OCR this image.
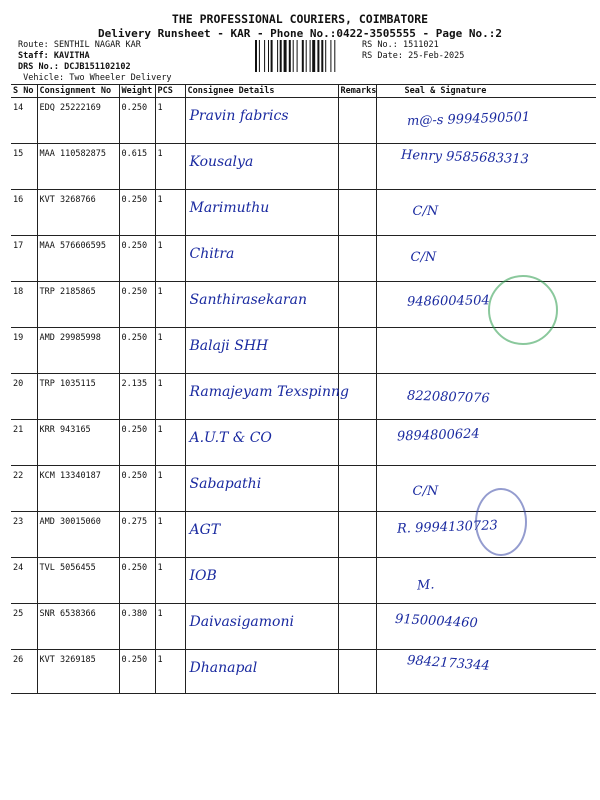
THE PROFESSIONAL COURIERS, COIMBATORE
Delivery Runsheet - KAR - Phone No.:0422-3505555 - Page No.:2
Route: SENTHIL NAGAR KAR
Staff: KAVITHA
DRS No.: DCJB151102102
Vehicle: Two Wheeler Delivery
RS No.: 1511021
RS Date: 25-Feb-2025
S No	Consignment No	Weight	PCS	Consignee Details	Remarks	Seal & Signature
14	EDQ 25222169	0.250	1	Pravin fabrics		m@-s 9994590501

15	MAA 110582875	0.615	1	Kousalya		Henry 9585683313

16	KVT 3268766	0.250	1	Marimuthu		C/N

17	MAA 576606595	0.250	1	Chitra		C/N

18	TRP 2185865	0.250	1	Santhirasekaran		9486004504

19	AMD 29985998	0.250	1	Balaji SHH		

20	TRP 1035115	2.135	1	Ramajeyam Texspinng		8220807076

21	KRR 943165	0.250	1	A.U.T & CO		9894800624

22	KCM 13340187	0.250	1	Sabapathi		C/N

23	AMD 30015060	0.275	1	AGT		R. 9994130723

24	TVL 5056455	0.250	1	IOB		M.

25	SNR 6538366	0.380	1	Daivasigamoni		9150004460

26	KVT 3269185	0.250	1	Dhanapal		9842173344
